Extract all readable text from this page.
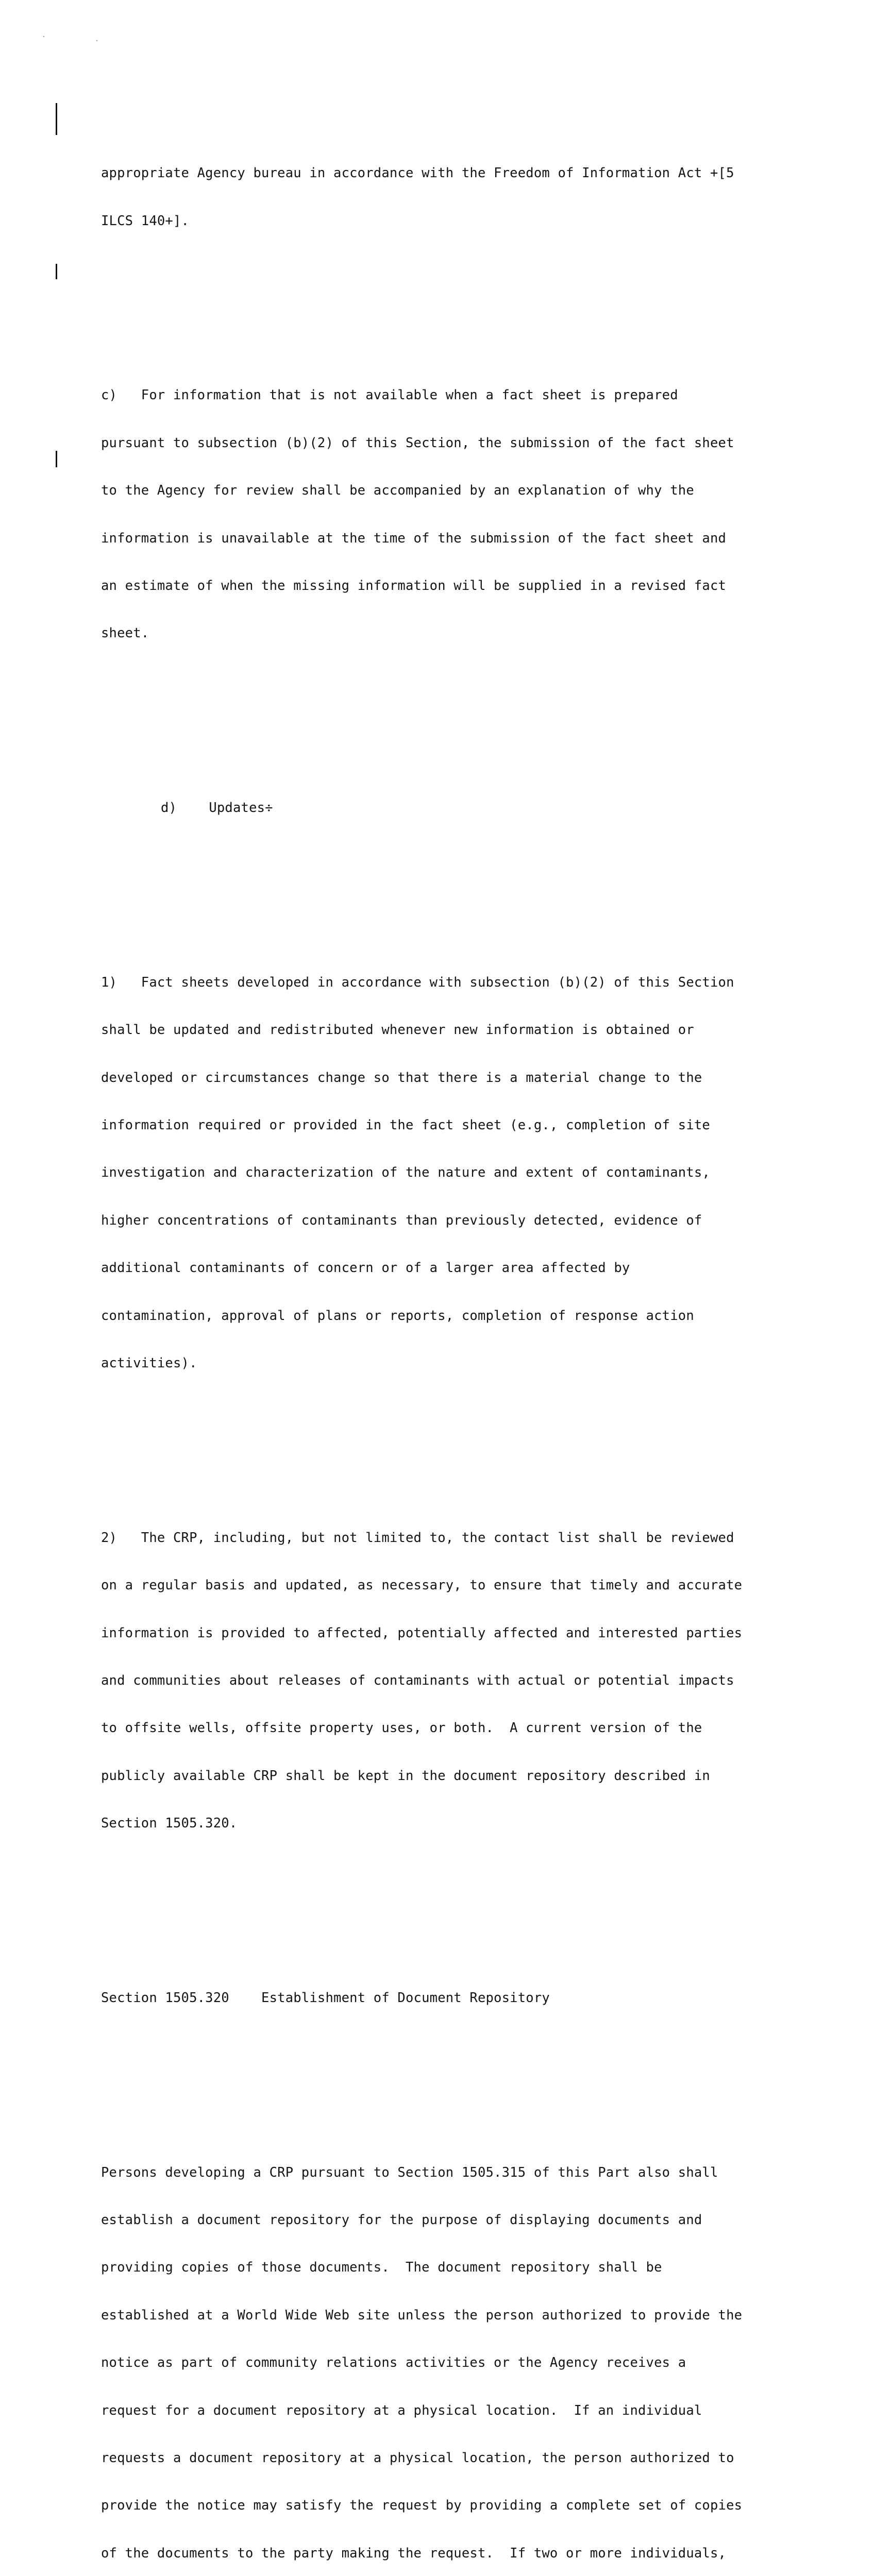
appropriate Agency bureau in accordance with the Freedom of Information Act +[5

ILCS 140+].

c)   For information that is not available when a fact sheet is prepared

pursuant to subsection (b)(2) of this Section, the submission of the fact sheet

to the Agency for review shall be accompanied by an explanation of why the

information is unavailable at the time of the submission of the fact sheet and

an estimate of when the missing information will be supplied in a revised fact

sheet.

d)    Updates÷

1)   Fact sheets developed in accordance with subsection (b)(2) of this Section

shall be updated and redistributed whenever new information is obtained or

developed or circumstances change so that there is a material change to the

information required or provided in the fact sheet (e.g., completion of site

investigation and characterization of the nature and extent of contaminants,

higher concentrations of contaminants than previously detected, evidence of

additional contaminants of concern or of a larger area affected by

contamination, approval of plans or reports, completion of response action

activities).

2)   The CRP, including, but not limited to, the contact list shall be reviewed

on a regular basis and updated, as necessary, to ensure that timely and accurate

information is provided to affected, potentially affected and interested parties

and communities about releases of contaminants with actual or potential impacts

to offsite wells, offsite property uses, or both.  A current version of the

publicly available CRP shall be kept in the document repository described in

Section 1505.320.

Section 1505.320    Establishment of Document Repository

Persons developing a CRP pursuant to Section 1505.315 of this Part also shall

establish a document repository for the purpose of displaying documents and

providing copies of those documents.  The document repository shall be

established at a World Wide Web site unless the person authorized to provide the

notice as part of community relations activities or the Agency receives a

request for a document repository at a physical location.  If an individual

requests a document repository at a physical location, the person authorized to

provide the notice may satisfy the request by providing a complete set of copies

of the documents to the party making the request.  If two or more individuals,
